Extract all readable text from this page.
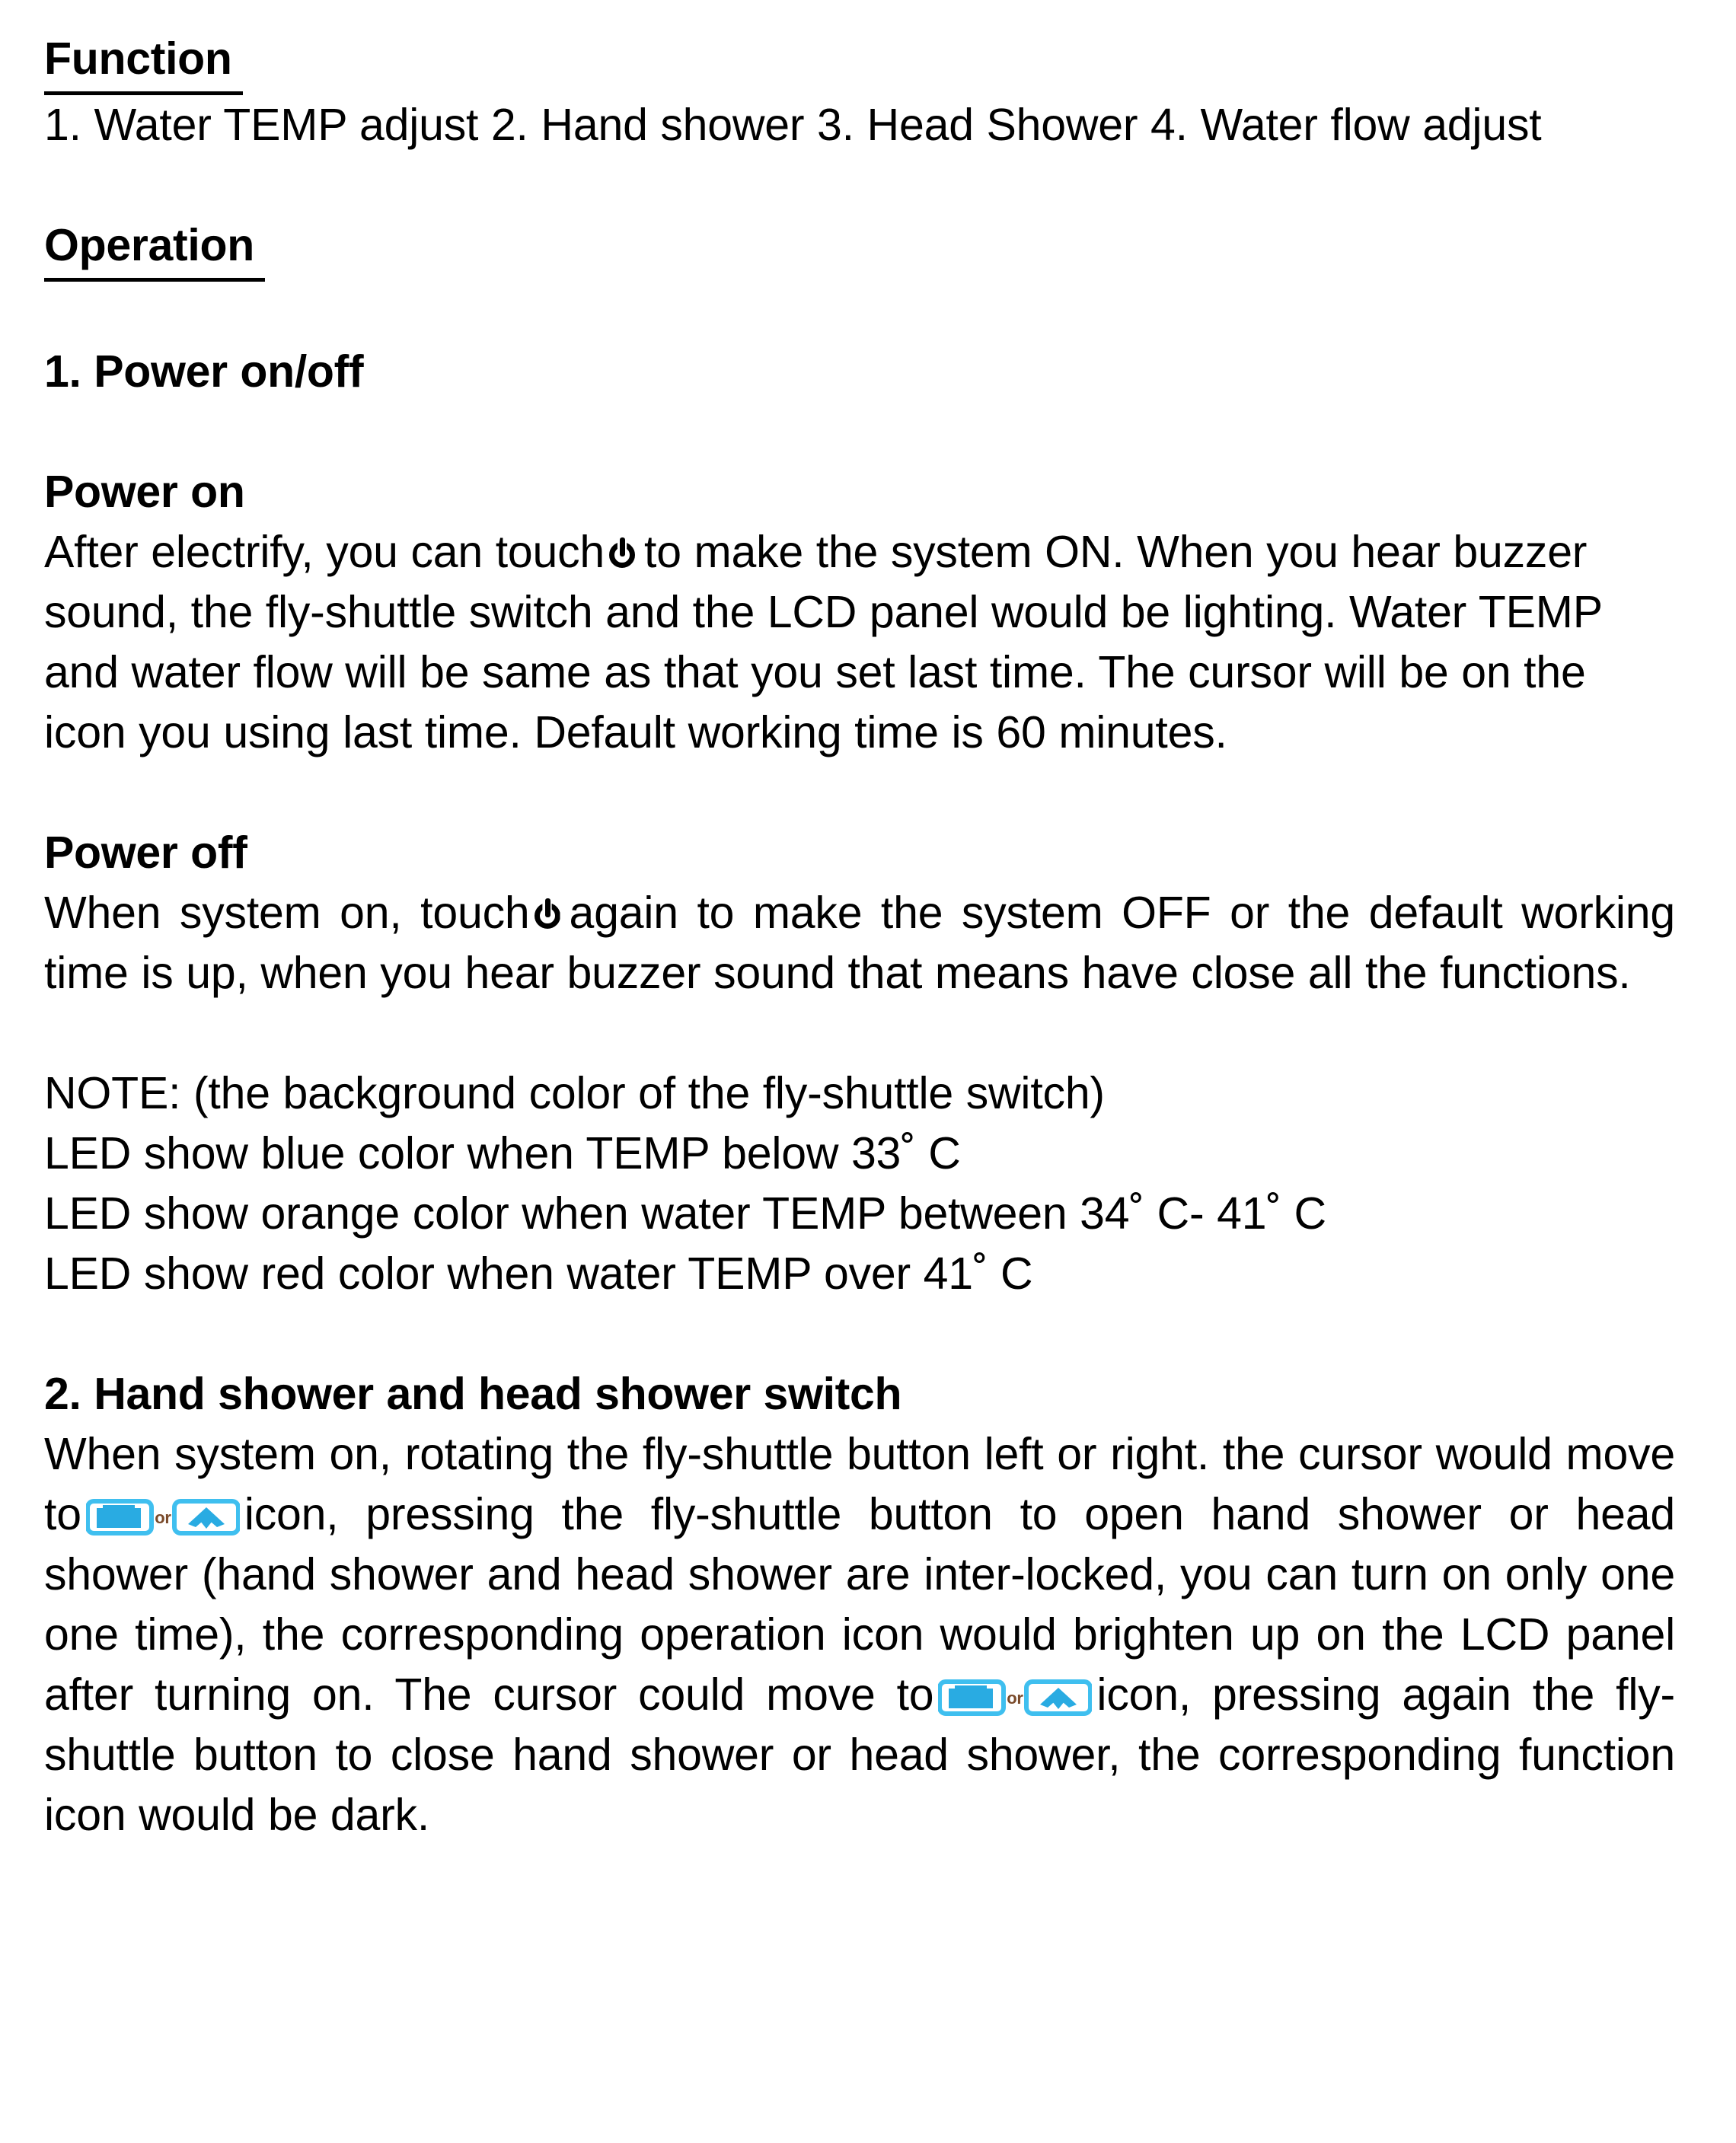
Function

1. Water TEMP adjust 2. Hand shower 3. Head Shower 4. Water flow adjust

Operation

1. Power on/off

Power on

After electrify, you can touch to make the system ON. When you hear buzzer sound, the fly-shuttle switch and the LCD panel would be lighting. Water TEMP and water flow will be same as that you set last time. The cursor will be on the icon you using last time. Default working time is 60 minutes.

Power off

When system on, touch again to make the system OFF or the default working time is up, when you hear buzzer sound that means have close all the functions.

NOTE: (the background color of the fly-shuttle switch)

LED show blue color when TEMP below 33˚ C

LED show orange color when water TEMP between 34˚ C- 41˚ C

LED show red color when water TEMP over 41˚ C

2. Hand shower and head shower switch

When system on, rotating the fly-shuttle button left or right. the cursor would move to	or icon, pressing the fly-shuttle button to open hand shower or head shower (hand shower and head shower are inter-locked, you can turn on only one one time), the corresponding operation icon would brighten up on the LCD panel after turning on. The cursor could move to	or icon, pressing again the fly-shuttle button to close hand shower or head shower, the corresponding function icon would be dark.
